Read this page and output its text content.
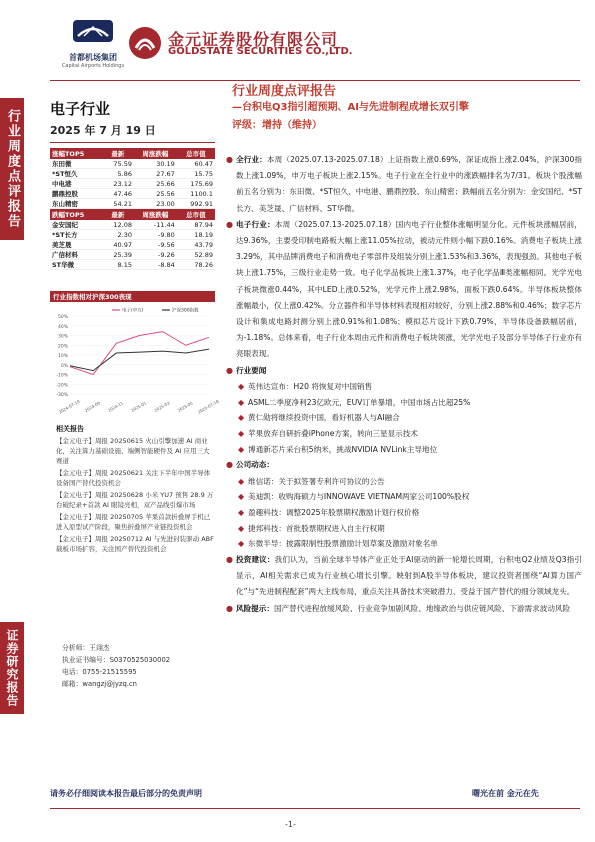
行业周度点评报告
证券研究报告
首都机场集团
Capital Airports Holdings
金元证券股份有限公司
GOLDSTATE SECURITIES CO.,LTD.
电子行业
2025 年 7 月 19 日
行业周度点评报告
—台积电Q3指引超预期、AI与先进制程成增长双引擎
评级：增持（维持）
涨幅TOP5	最新	周涨跌幅	总市值
东田微	75.59	30.19	60.47
*ST恒久	5.86	27.67	15.75
中电港	23.12	25.66	175.69
鹏鼎控股	47.46	25.56	1100.1
东山精密	54.21	23.00	992.91
跌幅TOP5	最新	周涨跌幅	总市值
金安国纪	12.08	-11.44	87.94
*ST长方	2.30	-9.80	18.19
美芝晟	40.97	-9.56	43.79
广信材料	25.39	-9.26	52.89
ST华微	8.15	-8.84	78.26
行业指数相对沪深300表现
-30%
-20%
-10%
0%
10%
20%
30%
40%
50%
2024-07-19 2024-09 2024-11 2025-01 2025-03 2025-05 2025-07-18
电子(申万)	沪深300指数
相关报告
【金元电子】周报 20250615 火山引擎加速 AI 商业化，关注算力基础设施、端侧智能硬件及 AI 应用三大赛道
【金元电子】周报 20250621 关注下半年中国半导体设备国产替代投资机会
【金元电子】周报 20250628 小米 YU7 预售 28.9 万台破纪录+首款 AI 眼镜亮相，双产品线引爆市场
【金元电子】周报 20250705 苹果首款折叠屏手机已进入原型试产阶段，聚焦折叠屏产业链投资机会
【金元电子】周报 20250712 AI 与先进封装驱动 ABF 载板市场扩容，关注国产替代投资机会
分析师：王翊杰
执业证书编号：S0370525030002
电话：0755-21515595
邮箱：wangzj@jyzq.cn
● 全行业：本周（2025.07.13-2025.07.18）上证指数上涨0.69%，深证成指上涨2.04%，沪深300指数上涨1.09%，申万电子板块上涨2.15%。电子行业在全行业中的涨跌幅排名为7/31。板块个股涨幅前五名分别为：东田微、*ST恒久、中电港、鹏鼎控股、东山精密；跌幅前五名分别为：金安国纪、*ST长方、美芝晟、广信材料、ST华微。
● 电子行业：本周（2025.07.13-2025.07.18）国内电子行业整体涨幅明显分化。元件板块涨幅居前，达9.36%，主要受印制电路板大幅上涨11.05%拉动，被动元件则小幅下跌0.16%。消费电子板块上涨3.29%，其中品牌消费电子和消费电子零部件及组装分别上涨1.53%和3.36%，表现强劲。其他电子板块上涨1.75%，三级行业走势一致。电子化学品板块上涨1.37%，电子化学品Ⅲ类涨幅相同。光学光电子板块微涨0.44%，其中LED上涨0.52%，光学元件上涨2.98%，面板下跌0.64%。半导体板块整体涨幅最小，仅上涨0.42%。分立器件和半导体材料表现相对较好，分别上涨2.88%和0.46%；数字芯片设计和集成电路封测分别上涨0.91%和1.08%；模拟芯片设计下跌0.79%，半导体设备跌幅居前，为-1.18%。总体来看，电子行业本周由元件和消费电子板块领涨，光学光电子及部分半导体子行业亦有亮眼表现。
● 行业要闻
◆ 英伟达宣布：H20 将恢复对中国销售
◆ ASML二季度净利23亿欧元，EUV订单暴增，中国市场占比超25%
◆ 黄仁勋将继续投资中国，看好机器人与AI融合
◆ 苹果放弃自研折叠iPhone方案，转向三星显示技术
◆ 博通新芯片采台积5纳米，挑战NVIDIA NVLink主导地位
● 公司动态：
◆ 维信诺：关于拟签署专利许可协议的公告
◆ 美迪凯：收购海硕力与INNOWAVE VIETNAM两家公司100%股权
◆ 盈趣科技：调整2025年股票期权激励计划行权价格
◆ 捷邦科技：首批股票期权进入自主行权期
◆ 东微半导：披露限制性股票激励计划草案及激励对象名单
● 投资建议：我们认为，当前全球半导体产业正处于AI驱动的新一轮增长周期，台积电Q2业绩及Q3指引显示，AI相关需求已成为行业核心增长引擎。映射到A股半导体板块，建议投资者围绕“AI算力国产化”与“先进制程配套”两大主线布局，重点关注具备技术突破潜力、受益于国产替代的细分领域龙头。
● 风险提示：国产替代进程放缓风险、行业竞争加剧风险、地缘政治与供应链风险、下游需求波动风险
请务必仔细阅读本报告最后部分的免责声明	曙光在前 金元在先
-1-
